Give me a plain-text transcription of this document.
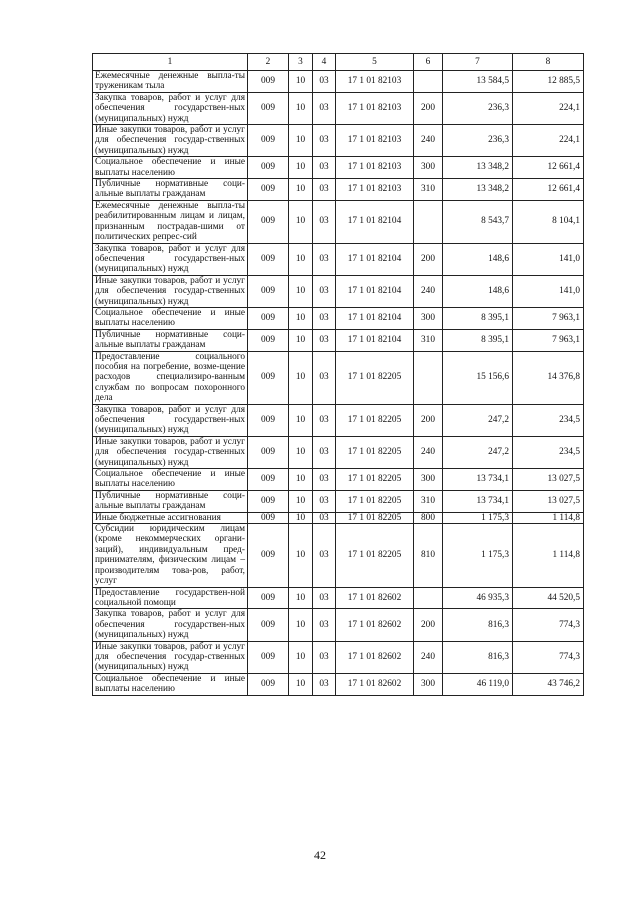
1	2	3	4	5	6	7	8
Ежемесячные денежные выпла-ты труженикам тыла	009	10	03	17 1 01 82103		13 584,5	12 885,5
Закупка товаров, работ и услуг для обеспечения государствен-ных (муниципальных) нужд	009	10	03	17 1 01 82103	200	236,3	224,1
Иные закупки товаров, работ и услуг для обеспечения государ-ственных (муниципальных) нужд	009	10	03	17 1 01 82103	240	236,3	224,1
Социальное обеспечение и иные выплаты населению	009	10	03	17 1 01 82103	300	13 348,2	12 661,4
Публичные нормативные соци-альные выплаты гражданам	009	10	03	17 1 01 82103	310	13 348,2	12 661,4
Ежемесячные денежные выпла-ты реабилитированным лицам и лицам, признанным пострадав-шими от политических репрес-сий	009	10	03	17 1 01 82104		8 543,7	8 104,1
Закупка товаров, работ и услуг для обеспечения государствен-ных (муниципальных) нужд	009	10	03	17 1 01 82104	200	148,6	141,0
Иные закупки товаров, работ и услуг для обеспечения государ-ственных (муниципальных) нужд	009	10	03	17 1 01 82104	240	148,6	141,0
Социальное обеспечение и иные выплаты населению	009	10	03	17 1 01 82104	300	8 395,1	7 963,1
Публичные нормативные соци-альные выплаты гражданам	009	10	03	17 1 01 82104	310	8 395,1	7 963,1
Предоставление социального пособия на погребение, возме-щение расходов специализиро-ванным службам по вопросам похоронного дела	009	10	03	17 1 01 82205		15 156,6	14 376,8
Закупка товаров, работ и услуг для обеспечения государствен-ных (муниципальных) нужд	009	10	03	17 1 01 82205	200	247,2	234,5
Иные закупки товаров, работ и услуг для обеспечения государ-ственных (муниципальных) нужд	009	10	03	17 1 01 82205	240	247,2	234,5
Социальное обеспечение и иные выплаты населению	009	10	03	17 1 01 82205	300	13 734,1	13 027,5
Публичные нормативные соци-альные выплаты гражданам	009	10	03	17 1 01 82205	310	13 734,1	13 027,5
Иные бюджетные ассигнования	009	10	03	17 1 01 82205	800	1 175,3	1 114,8
Субсидии юридическим лицам (кроме некоммерческих органи-заций), индивидуальным пред-принимателям, физическим лицам – производителям това-ров, работ, услуг	009	10	03	17 1 01 82205	810	1 175,3	1 114,8
Предоставление государствен-ной социальной помощи	009	10	03	17 1 01 82602		46 935,3	44 520,5
Закупка товаров, работ и услуг для обеспечения государствен-ных (муниципальных) нужд	009	10	03	17 1 01 82602	200	816,3	774,3
Иные закупки товаров, работ и услуг для обеспечения государ-ственных (муниципальных) нужд	009	10	03	17 1 01 82602	240	816,3	774,3
Социальное обеспечение и иные выплаты населению	009	10	03	17 1 01 82602	300	46 119,0	43 746,2
42
